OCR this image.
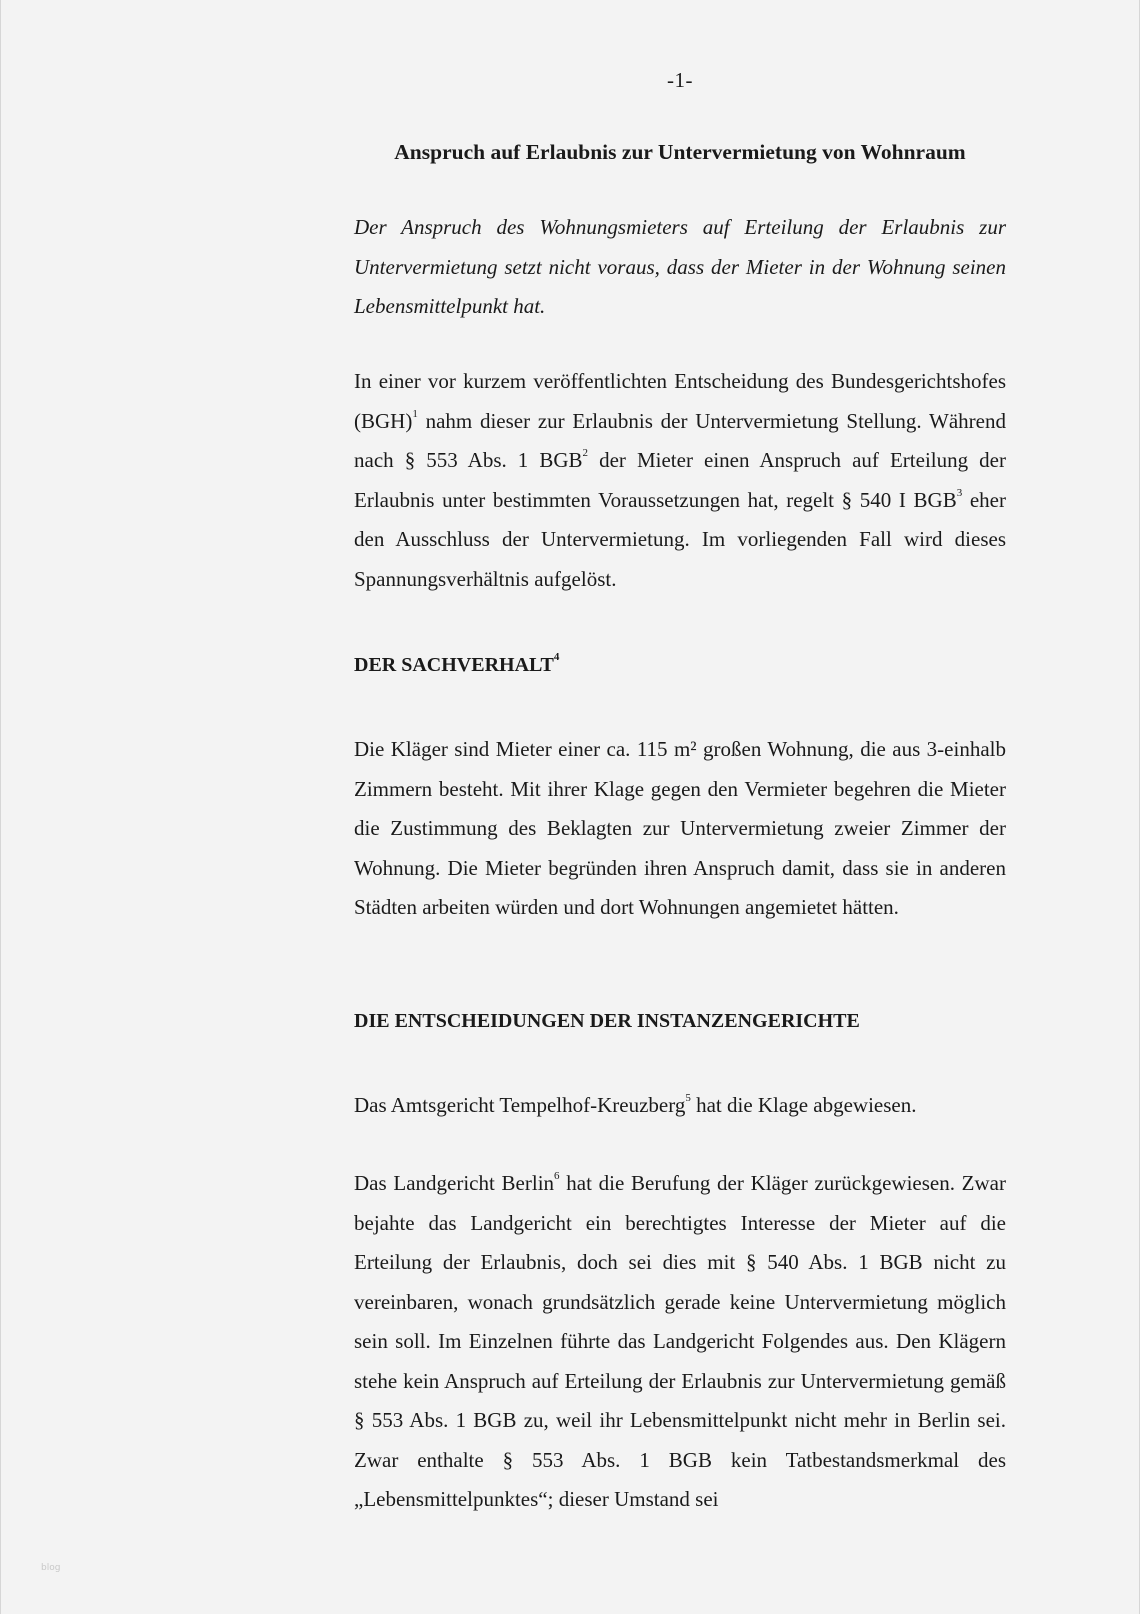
-1-
Anspruch auf Erlaubnis zur Untervermietung von Wohnraum

Der Anspruch des Wohnungsmieters auf Erteilung der Erlaubnis zur Untervermietung setzt nicht voraus, dass der Mieter in der Wohnung seinen Lebensmittelpunkt hat.

In einer vor kurzem veröffentlichten Entscheidung des Bundesgerichtshofes (BGH)$^1$ nahm dieser zur Erlaubnis der Untervermietung Stellung. Während nach § 553 Abs. 1 BGB$^2$ der Mieter einen Anspruch auf Erteilung der Erlaubnis unter bestimmten Voraussetzungen hat, regelt § 540 I BGB$^3$ eher den Ausschluss der Untervermietung. Im vorliegenden Fall wird dieses Spannungsverhältnis aufgelöst.

DER SACHVERHALT$^4$

Die Kläger sind Mieter einer ca. 115 m² großen Wohnung, die aus 3-einhalb Zimmern besteht. Mit ihrer Klage gegen den Vermieter begehren die Mieter die Zustimmung des Beklagten zur Untervermietung zweier Zimmer der Wohnung. Die Mieter begründen ihren Anspruch damit, dass sie in anderen Städten arbeiten würden und dort Wohnungen angemietet hätten.

DIE ENTSCHEIDUNGEN DER INSTANZENGERICHTE

Das Amtsgericht Tempelhof-Kreuzberg$^5$ hat die Klage abgewiesen.

Das Landgericht Berlin$^6$ hat die Berufung der Kläger zurückgewiesen. Zwar bejahte das Landgericht ein berechtigtes Interesse der Mieter auf die Erteilung der Erlaubnis, doch sei dies mit § 540 Abs. 1 BGB nicht zu vereinbaren, wonach grundsätzlich gerade keine Untervermietung möglich sein soll. Im Einzelnen führte das Landgericht Folgendes aus. Den Klägern stehe kein Anspruch auf Erteilung der Erlaubnis zur Untervermietung gemäß § 553 Abs. 1 BGB zu, weil ihr Lebensmittelpunkt nicht mehr in Berlin sei. Zwar enthalte § 553 Abs. 1 BGB kein Tatbestandsmerkmal des „Lebensmittelpunktes“; dieser Umstand sei

blog
